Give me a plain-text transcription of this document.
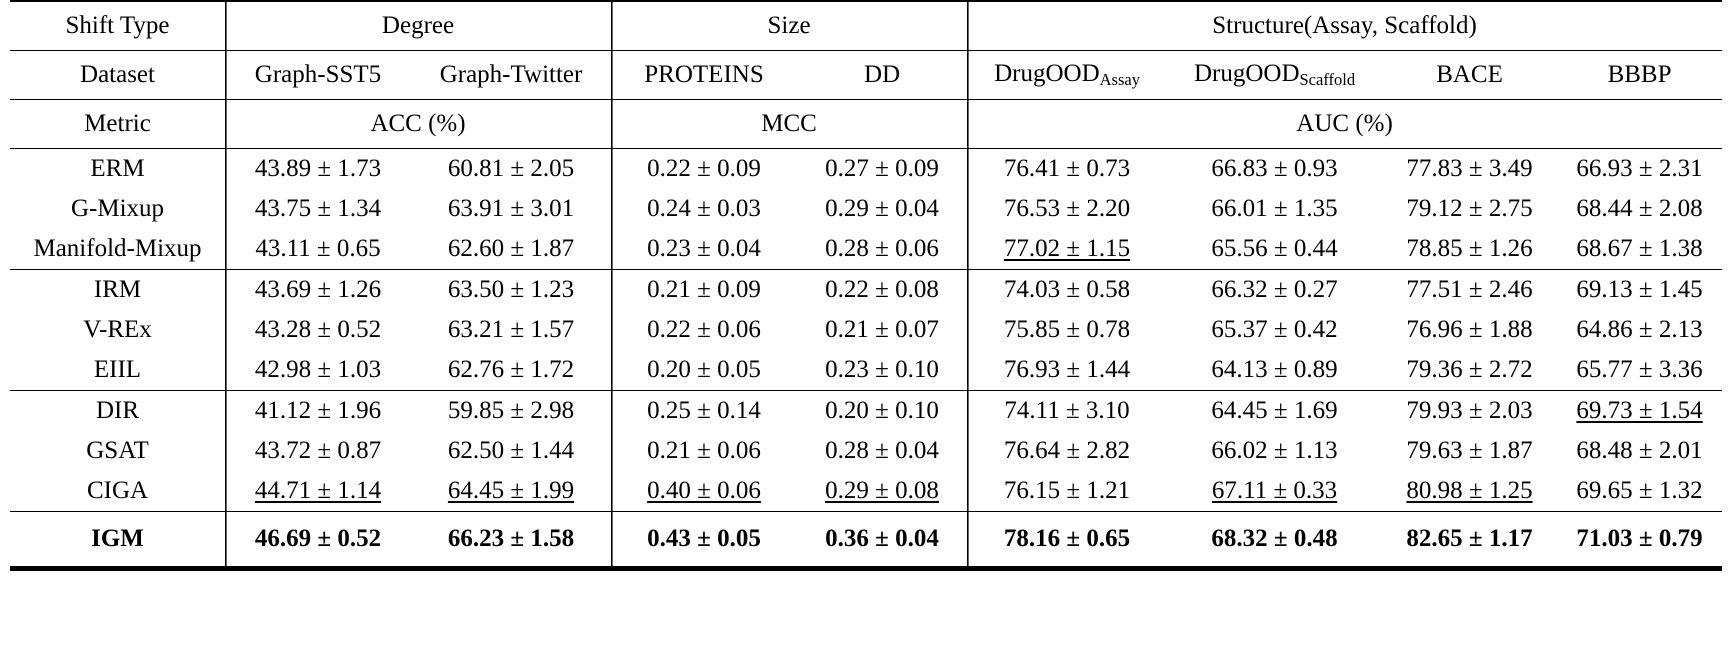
Shift Type	Degree		Size		Structure(Assay, Scaffold)			
Dataset	Graph-SST5	Graph-Twitter	PROTEINS	DD	DrugOOD$_{Assay}$	DrugOOD$_{Scaffold}$	BACE	BBBP
Metric	ACC (%)		MCC		AUC (%)			
ERM	43.89 ± 1.73	60.81 ± 2.05	0.22 ± 0.09	0.27 ± 0.09	76.41 ± 0.73	66.83 ± 0.93	77.83 ± 3.49	66.93 ± 2.31
G-Mixup	43.75 ± 1.34	63.91 ± 3.01	0.24 ± 0.03	0.29 ± 0.04	76.53 ± 2.20	66.01 ± 1.35	79.12 ± 2.75	68.44 ± 2.08
Manifold-Mixup	43.11 ± 0.65	62.60 ± 1.87	0.23 ± 0.04	0.28 ± 0.06	77.02 ± 1.15	65.56 ± 0.44	78.85 ± 1.26	68.67 ± 1.38
IRM	43.69 ± 1.26	63.50 ± 1.23	0.21 ± 0.09	0.22 ± 0.08	74.03 ± 0.58	66.32 ± 0.27	77.51 ± 2.46	69.13 ± 1.45
V-REx	43.28 ± 0.52	63.21 ± 1.57	0.22 ± 0.06	0.21 ± 0.07	75.85 ± 0.78	65.37 ± 0.42	76.96 ± 1.88	64.86 ± 2.13
EIIL	42.98 ± 1.03	62.76 ± 1.72	0.20 ± 0.05	0.23 ± 0.10	76.93 ± 1.44	64.13 ± 0.89	79.36 ± 2.72	65.77 ± 3.36
DIR	41.12 ± 1.96	59.85 ± 2.98	0.25 ± 0.14	0.20 ± 0.10	74.11 ± 3.10	64.45 ± 1.69	79.93 ± 2.03	69.73 ± 1.54
GSAT	43.72 ± 0.87	62.50 ± 1.44	0.21 ± 0.06	0.28 ± 0.04	76.64 ± 2.82	66.02 ± 1.13	79.63 ± 1.87	68.48 ± 2.01
CIGA	44.71 ± 1.14	64.45 ± 1.99	0.40 ± 0.06	0.29 ± 0.08	76.15 ± 1.21	67.11 ± 0.33	80.98 ± 1.25	69.65 ± 1.32
IGM	46.69 ± 0.52	66.23 ± 1.58	0.43 ± 0.05	0.36 ± 0.04	78.16 ± 0.65	68.32 ± 0.48	82.65 ± 1.17	71.03 ± 0.79
